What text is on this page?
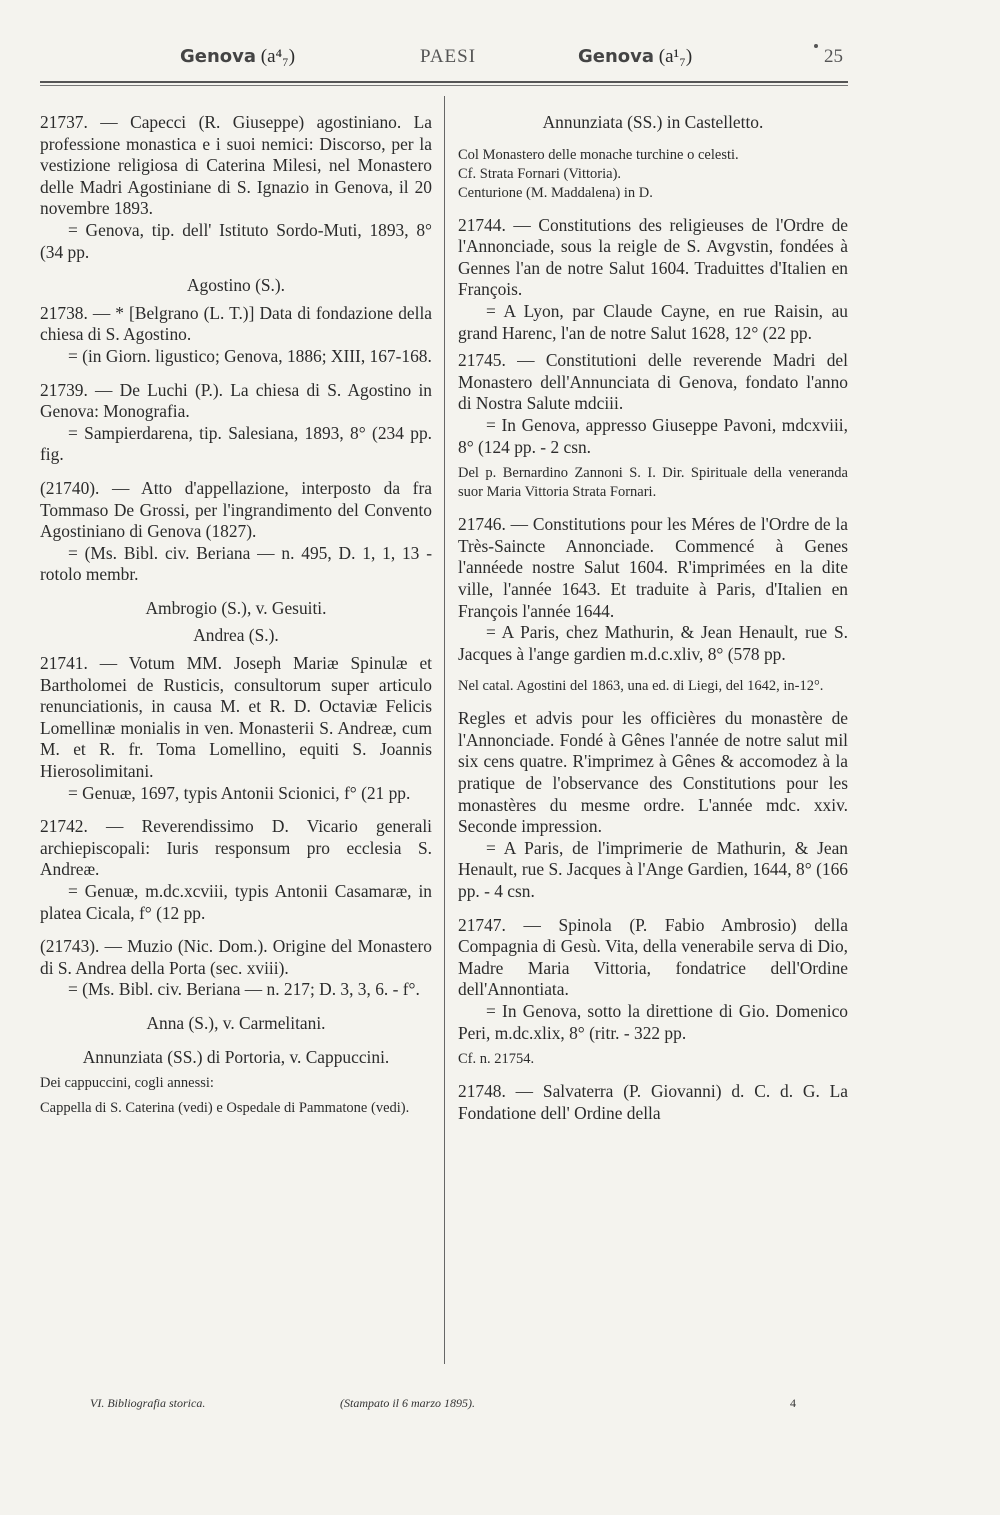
Genova (a⁴₇)	PAESI	Genova (a¹₇)	25

21737. — Capecci (R. Giuseppe) agostiniano. La professione monastica e i suoi nemici: Discorso, per la vestizione religiosa di Caterina Milesi, nel Monastero delle Madri Agostiniane di S. Ignazio in Genova, il 20 novembre 1893.

= Genova, tip. dell' Istituto Sordo-Muti, 1893, 8° (34 pp.

Agostino (S.).

21738. — * [Belgrano (L. T.)] Data di fondazione della chiesa di S. Agostino.

= (in Giorn. ligustico; Genova, 1886; XIII, 167-168.

21739. — De Luchi (P.). La chiesa di S. Agostino in Genova: Monografia.

= Sampierdarena, tip. Salesiana, 1893, 8° (234 pp. fig.

(21740). — Atto d'appellazione, interposto da fra Tommaso De Grossi, per l'ingrandimento del Convento Agostiniano di Genova (1827).

= (Ms. Bibl. civ. Beriana — n. 495, D. 1, 1, 13 - rotolo membr.

Ambrogio (S.), v. Gesuiti.

Andrea (S.).

21741. — Votum MM. Joseph Mariæ Spinulæ et Bartholomei de Rusticis, consultorum super articulo renunciationis, in causa M. et R. D. Octaviæ Felicis Lomellinæ monialis in ven. Monasterii S. Andreæ, cum M. et R. fr. Toma Lomellino, equiti S. Joannis Hierosolimitani.

= Genuæ, 1697, typis Antonii Scionici, f° (21 pp.

21742. — Reverendissimo D. Vicario generali archiepiscopali: Iuris responsum pro ecclesia S. Andreæ.

= Genuæ, m.dc.xcviii, typis Antonii Casamaræ, in platea Cicala, f° (12 pp.

(21743). — Muzio (Nic. Dom.). Origine del Monastero di S. Andrea della Porta (sec. xviii).

= (Ms. Bibl. civ. Beriana — n. 217; D. 3, 3, 6. - f°.

Anna (S.), v. Carmelitani.

Annunziata (SS.) di Portoria, v. Cappuccini.

Dei cappuccini, cogli annessi:

Cappella di S. Caterina (vedi) e Ospedale di Pammatone (vedi).

Annunziata (SS.) in Castelletto.

Col Monastero delle monache turchine o celesti.

Cf. Strata Fornari (Vittoria).

Centurione (M. Maddalena) in D.

21744. — Constitutions des religieuses de l'Ordre de l'Annonciade, sous la reigle de S. Avgvstin, fondées à Gennes l'an de notre Salut 1604. Traduittes d'Italien en François.

= A Lyon, par Claude Cayne, en rue Raisin, au grand Harenc, l'an de notre Salut 1628, 12° (22 pp.

21745. — Constitutioni delle reverende Madri del Monastero dell'Annunciata di Genova, fondato l'anno di Nostra Salute mdciii.

= In Genova, appresso Giuseppe Pavoni, mdcxviii, 8° (124 pp. - 2 csn.

Del p. Bernardino Zannoni S. I. Dir. Spirituale della veneranda suor Maria Vittoria Strata Fornari.

21746. — Constitutions pour les Méres de l'Ordre de la Très-Saincte Annonciade. Commencé à Genes l'annéede nostre Salut 1604. R'imprimées en la dite ville, l'année 1643. Et traduite à Paris, d'Italien en François l'année 1644.

= A Paris, chez Mathurin, & Jean Henault, rue S. Jacques à l'ange gardien m.d.c.xliv, 8° (578 pp.

Nel catal. Agostini del 1863, una ed. di Liegi, del 1642, in-12°.

Regles et advis pour les officières du monastère de l'Annonciade. Fondé à Gênes l'année de notre salut mil six cens quatre. R'imprimez à Gênes & accomodez à la pratique de l'observance des Constitutions pour les monastères du mesme ordre. L'année mdc. xxiv. Seconde impression.

= A Paris, de l'imprimerie de Mathurin, & Jean Henault, rue S. Jacques à l'Ange Gardien, 1644, 8° (166 pp. - 4 csn.

21747. — Spinola (P. Fabio Ambrosio) della Compagnia di Gesù. Vita, della venerabile serva di Dio, Madre Maria Vittoria, fondatrice dell'Ordine dell'Annontiata.

= In Genova, sotto la direttione di Gio. Domenico Peri, m.dc.xlix, 8° (ritr. - 322 pp.

Cf. n. 21754.

21748. — Salvaterra (P. Giovanni) d. C. d. G. La Fondatione dell' Ordine della

VI. Bibliografia storica.	(Stampato il 6 marzo 1895).	4
